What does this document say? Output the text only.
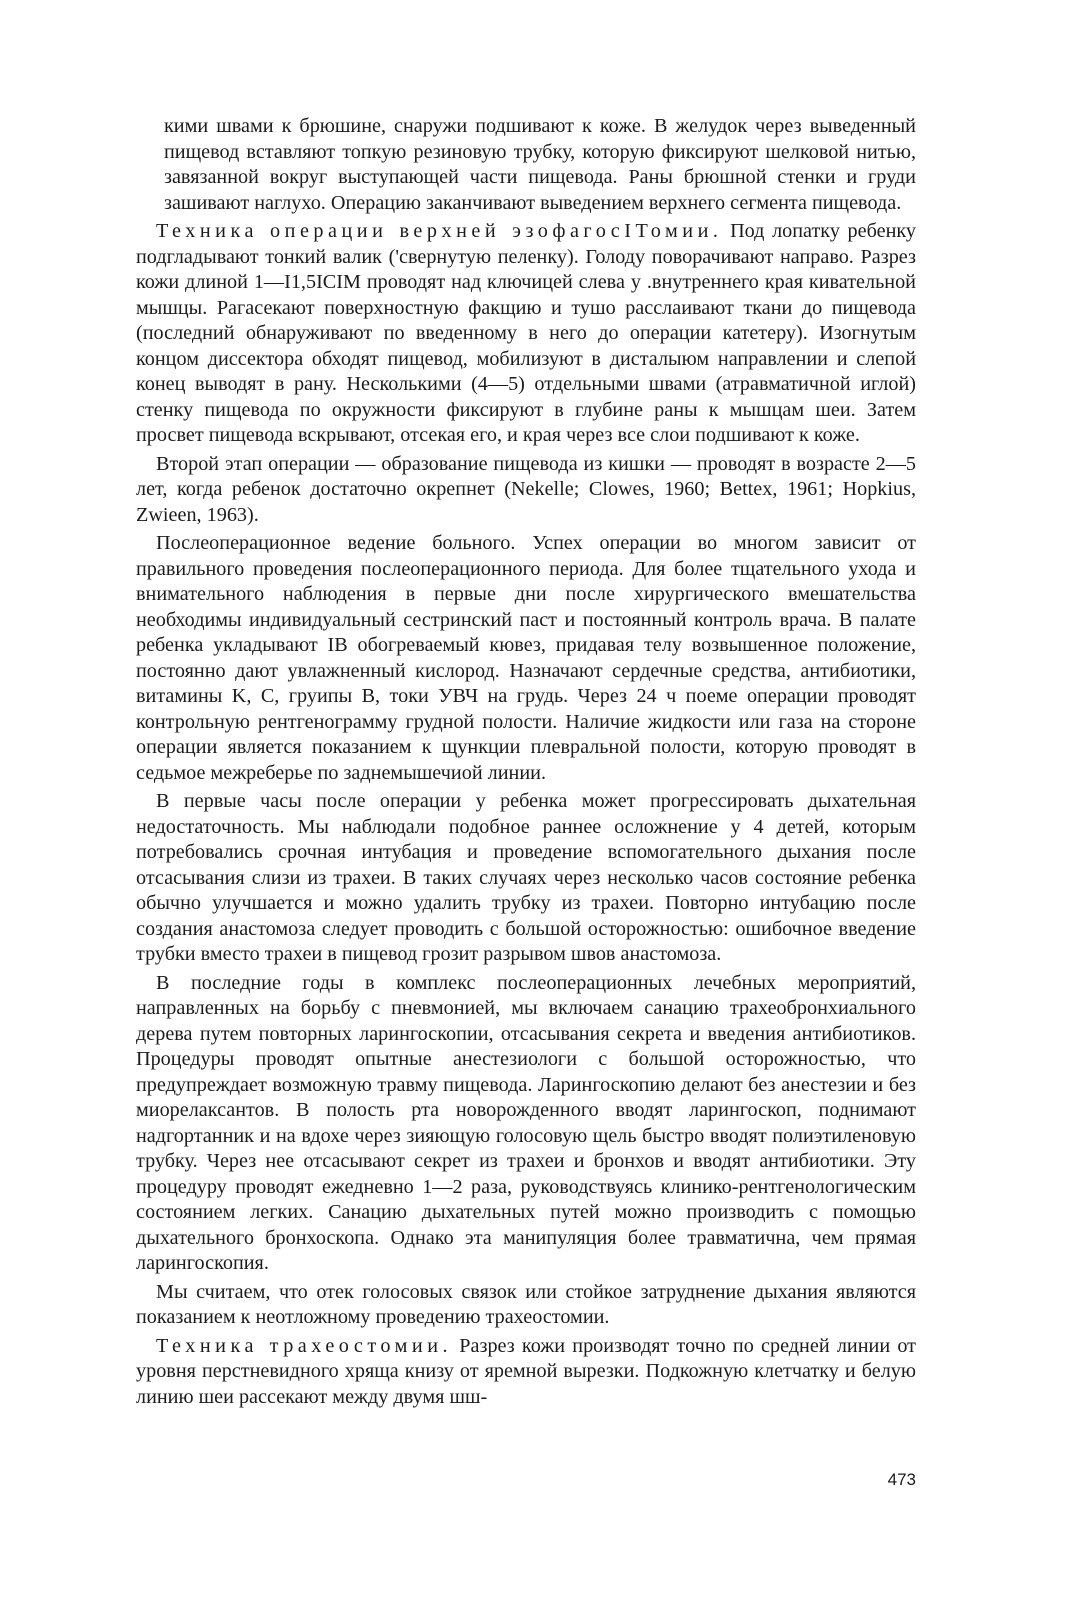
кими швами к брюшине, снаружи подшивают к коже. В желудок через выведенный пищевод вставляют топкую резиновую трубку, которую фиксируют шелковой нитью, завязанной вокруг выступающей части пищевода. Раны брюшной стенки и груди зашивают наглухо. Операцию заканчивают выведением верхнего сегмента пищевода.

Техника операции верхней эзофагосIТомии. Под лопатку ребенку подгладывают тонкий валик ('свернутую пеленку). Голоду поворачивают направо. Разрез кожи длиной 1—I1,5ICIM проводят над ключицей слева у .внутреннего края кивательной мышцы. Рагасекают поверхностную факщию и тушо расслаивают ткани до пищевода (последний обнаруживают по введенному в него до операции катетеру). Изогнутым концом диссектора обходят пищевод, мобилизуют в дисталыюм направлении и слепой конец выводят в рану. Несколькими (4—5) отдельными швами (атравматичной иглой) стенку пищевода по окружности фиксируют в глубине раны к мышцам шеи. Затем просвет пищевода вскрывают, отсекая его, и края через все слои подшивают к коже.

Второй этап операции — образование пищевода из кишки — проводят в возрасте 2—5 лет, когда ребенок достаточно окрепнет (Nekelle; Clowes, 1960; Bettex, 1961; Hopkius, Zwieen, 1963).

Послеоперационное ведение больного. Успех операции во многом зависит от правильного проведения послеоперационного периода. Для более тщательного ухода и внимательного наблюдения в первые дни после хирургического вмешательства необходимы индивидуальный сестринский паст и постоянный контроль врача. В палате ребенка укладывают IB обогреваемый кювез, придавая телу возвышенное положение, постоянно дают увлажненный кислород. Назначают сердечные средства, антибиотики, витамины K, С, груипы В, токи УВЧ на грудь. Через 24 ч поеме операции проводят контрольную рентгенограмму грудной полости. Наличие жидкости или газа на стороне операции является показанием к щункции плевральной полости, которую проводят в седьмое межреберье по заднемышечиой линии.

В первые часы после операции у ребенка может прогрессировать дыхательная недостаточность. Мы наблюдали подобное раннее осложнение у 4 детей, которым потребовались срочная интубация и проведение вспомогательного дыхания после отсасывания слизи из трахеи. В таких случаях через несколько часов состояние ребенка обычно улучшается и можно удалить трубку из трахеи. Повторно интубацию после создания анастомоза следует проводить с большой осторожностью: ошибочное введение трубки вместо трахеи в пищевод грозит разрывом швов анастомоза.

В последние годы в комплекс послеоперационных лечебных мероприятий, направленных на борьбу с пневмонией, мы включаем санацию трахеобронхиального дерева путем повторных ларингоскопии, отсасывания секрета и введения антибиотиков. Процедуры проводят опытные анестезиологи с большой осторожностью, что предупреждает возможную травму пищевода. Ларингоскопию делают без анестезии и без миорелаксантов. В полость рта новорожденного вводят ларингоскоп, поднимают надгортанник и на вдохе через зияющую голосовую щель быстро вводят полиэтиленовую трубку. Через нее отсасывают секрет из трахеи и бронхов и вводят антибиотики. Эту процедуру проводят ежедневно 1—2 раза, руководствуясь клинико-рентгенологическим состоянием легких. Санацию дыхательных путей можно производить с помощью дыхательного бронхоскопа. Однако эта манипуляция более травматична, чем прямая ларингоскопия.

Мы считаем, что отек голосовых связок или стойкое затруднение дыхания являются показанием к неотложному проведению трахеостомии.

Техника трахеостомии. Разрез кожи производят точно по средней линии от уровня перстневидного хряща книзу от яремной вырезки. Подкожную клетчатку и белую линию шеи рассекают между двумя шш-

473
